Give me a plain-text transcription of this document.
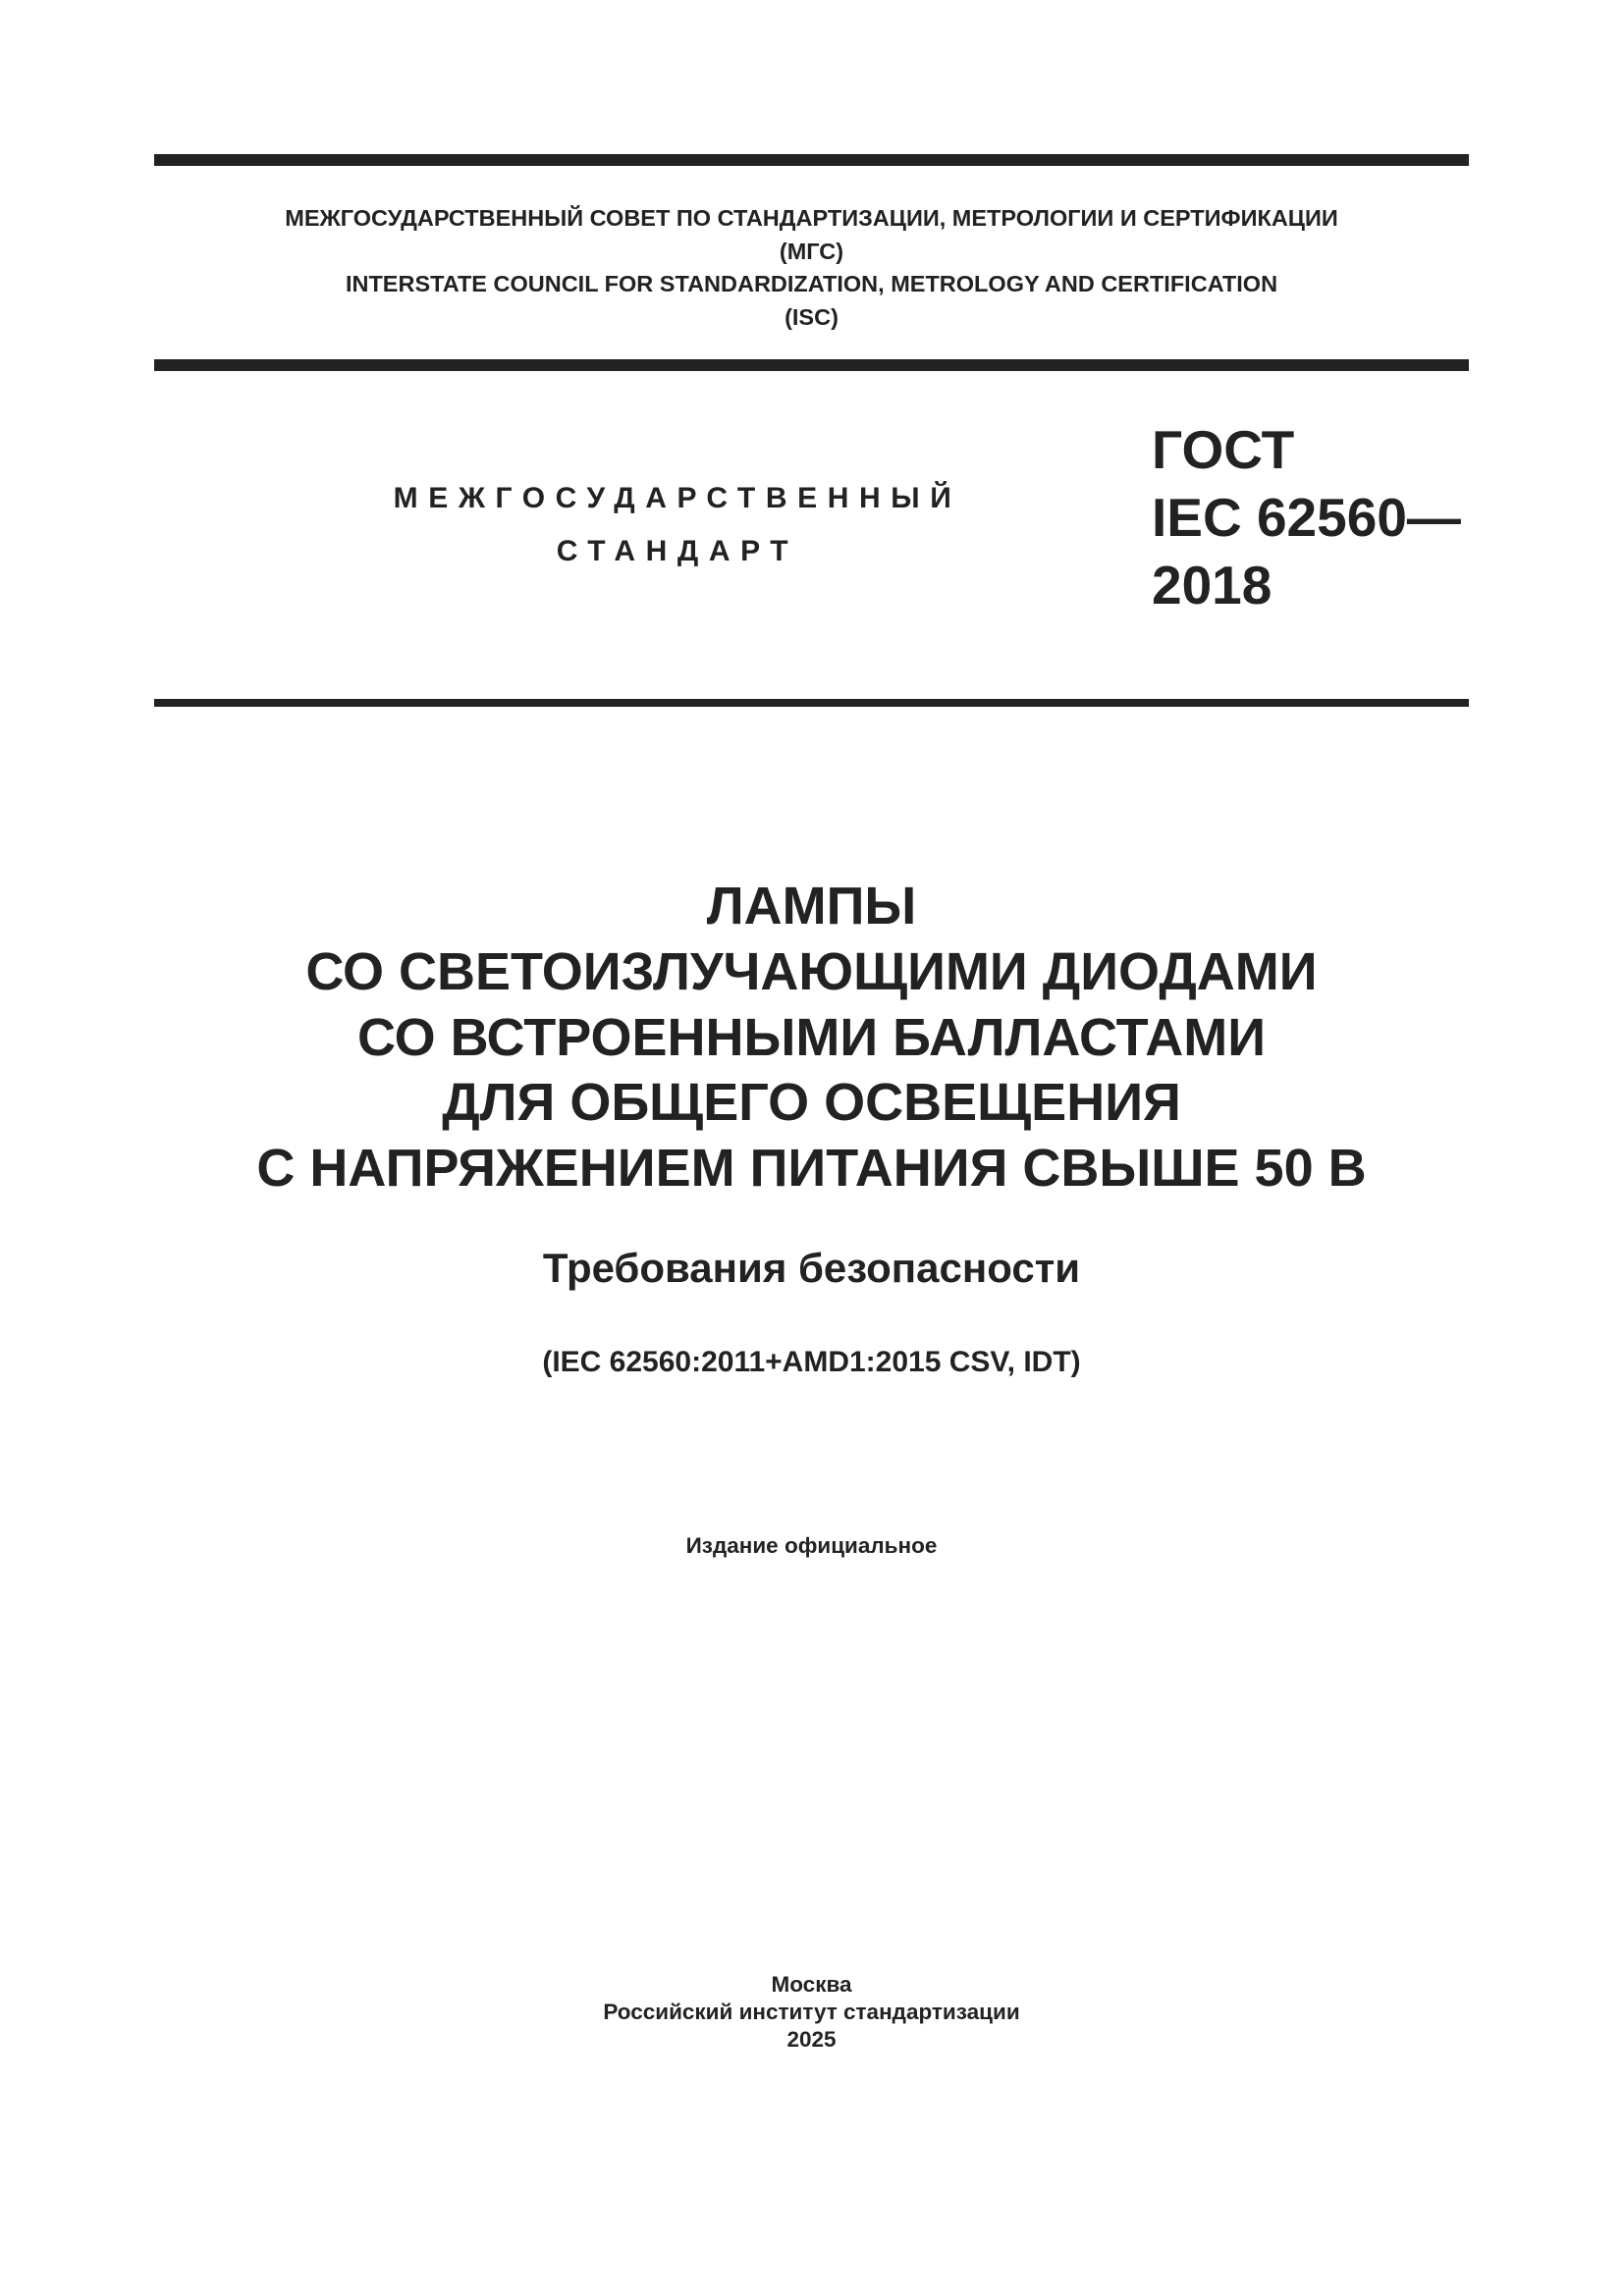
МЕЖГОСУДАРСТВЕННЫЙ СОВЕТ ПО СТАНДАРТИЗАЦИИ, МЕТРОЛОГИИ И СЕРТИФИКАЦИИ
(МГС)
INTERSTATE COUNCIL FOR STANDARDIZATION, METROLOGY AND CERTIFICATION
(ISC)
МЕЖГОСУДАРСТВЕННЫЙ
СТАНДАРТ
ГОСТ
IEC 62560—
2018
ЛАМПЫ
СО СВЕТОИЗЛУЧАЮЩИМИ ДИОДАМИ
СО ВСТРОЕННЫМИ БАЛЛАСТАМИ
ДЛЯ ОБЩЕГО ОСВЕЩЕНИЯ
С НАПРЯЖЕНИЕМ ПИТАНИЯ СВЫШЕ 50 В
Требования безопасности
(IEC 62560:2011+AMD1:2015 CSV, IDT)
Издание официальное
Москва
Российский институт стандартизации
2025
